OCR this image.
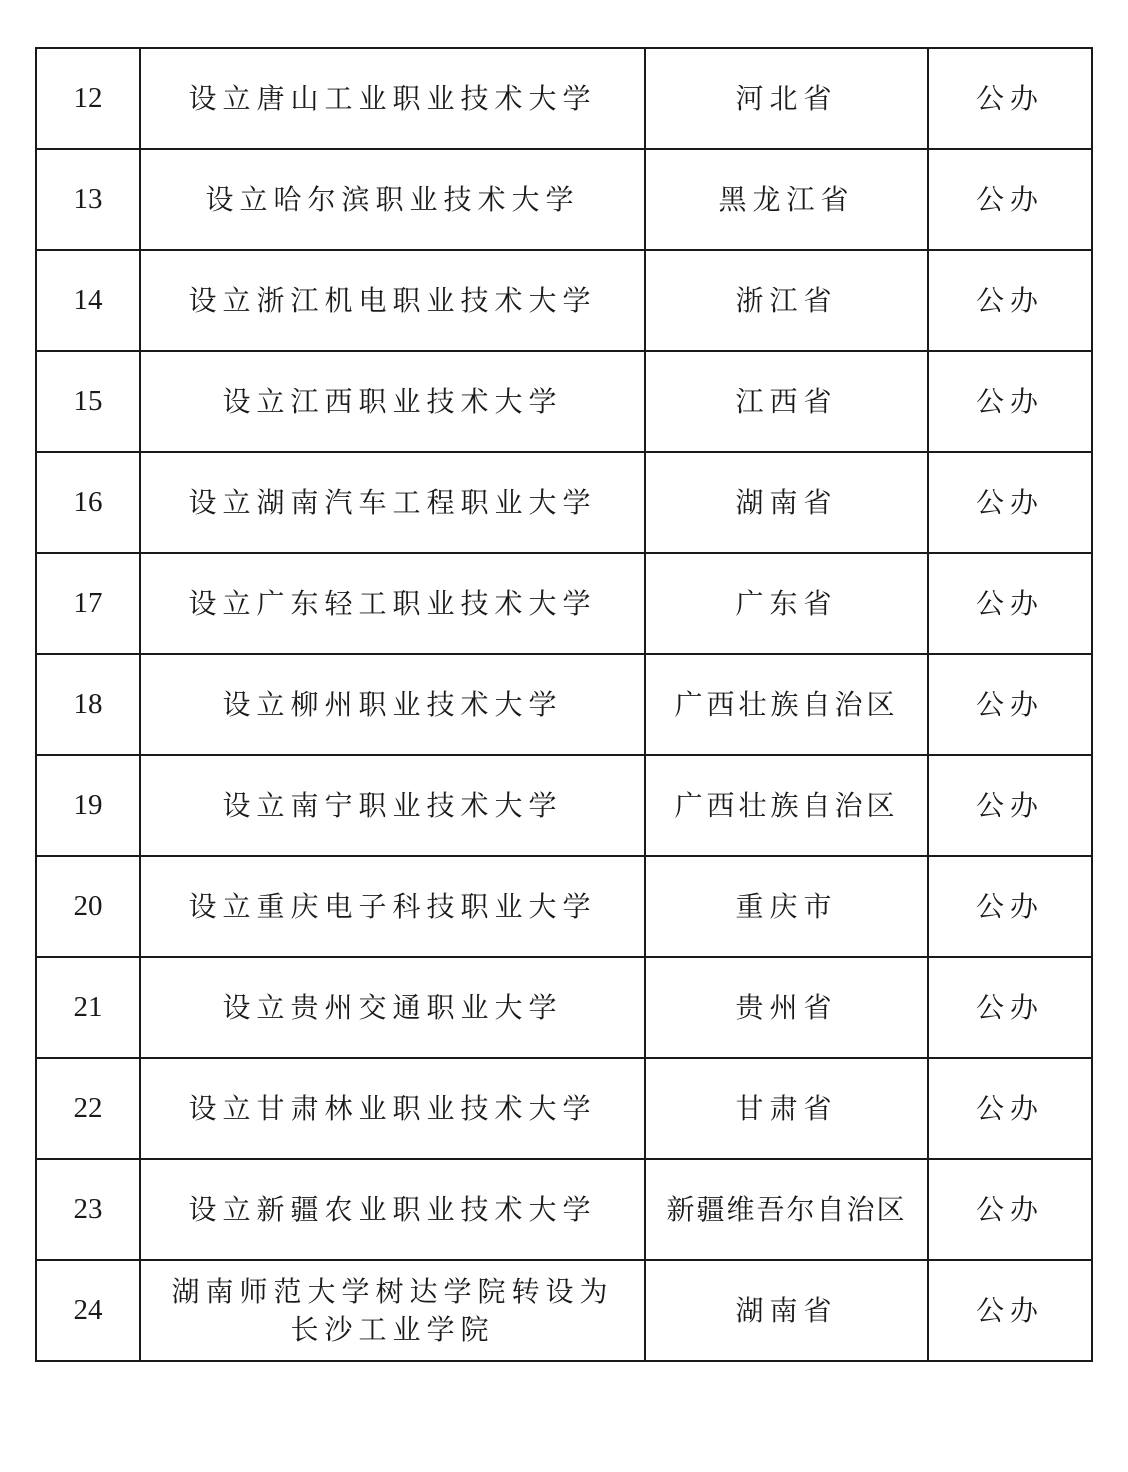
12	设立唐山工业职业技术大学	河北省	公办
13	设立哈尔滨职业技术大学	黑龙江省	公办
14	设立浙江机电职业技术大学	浙江省	公办
15	设立江西职业技术大学	江西省	公办
16	设立湖南汽车工程职业大学	湖南省	公办
17	设立广东轻工职业技术大学	广东省	公办
18	设立柳州职业技术大学	广西壮族自治区	公办
19	设立南宁职业技术大学	广西壮族自治区	公办
20	设立重庆电子科技职业大学	重庆市	公办
21	设立贵州交通职业大学	贵州省	公办
22	设立甘肃林业职业技术大学	甘肃省	公办
23	设立新疆农业职业技术大学	新疆维吾尔自治区	公办
24	湖南师范大学树达学院转设为
长沙工业学院	湖南省	公办
